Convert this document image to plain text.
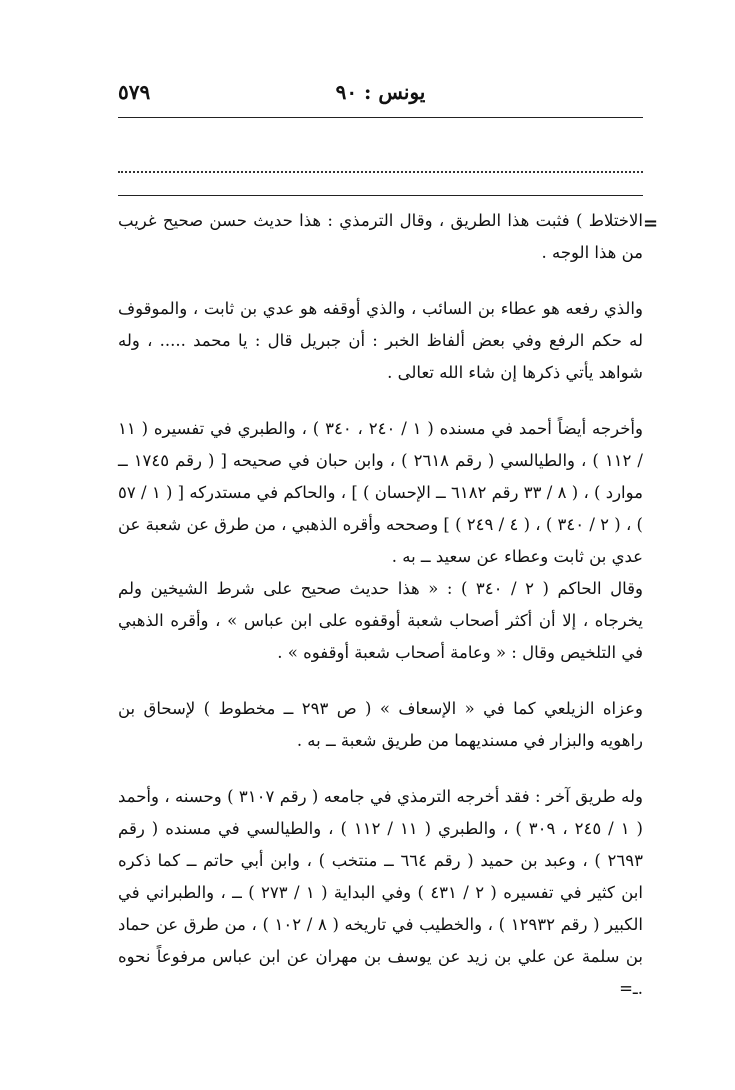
٥٧٩	يونس : ٩٠
=

الاختلاط ) فثبت هذا الطريق ، وقال الترمذي : هذا حديث حسن صحيح غريب من هذا الوجه .

والذي رفعه هو عطاء بن السائب ، والذي أوقفه هو عدي بن ثابت ، والموقوف له حكم الرفع وفي بعض ألفاظ الخبر : أن جبريل قال : يا محمد ..... ، وله شواهد يأتي ذكرها إن شاء الله تعالى .

وأخرجه أيضاً أحمد في مسنده ( ١ / ٢٤٠ ، ٣٤٠ ) ، والطبري في تفسيره ( ١١ / ١١٢ ) ، والطيالسي ( رقم ٢٦١٨ ) ، وابن حبان في صحيحه [ ( رقم ١٧٤٥ ــ موارد ) ، ( ٨ / ٣٣ رقم ٦١٨٢ ــ الإحسان ) ] ، والحاكم في مستدركه [ ( ١ / ٥٧ ) ، ( ٢ / ٣٤٠ ) ، ( ٤ / ٢٤٩ ) ] وصححه وأقره الذهبي ، من طرق عن شعبة عن عدي بن ثابت وعطاء عن سعيد ــ به .

وقال الحاكم ( ٢ / ٣٤٠ ) : « هذا حديث صحيح على شرط الشيخين ولم يخرجاه ، إلا أن أكثر أصحاب شعبة أوقفوه على ابن عباس » ، وأقره الذهبي في التلخيص وقال : « وعامة أصحاب شعبة أوقفوه » .

وعزاه الزيلعي كما في « الإسعاف » ( ص ٢٩٣ ــ مخطوط ) لإسحاق بن راهويه والبزار في مسنديهما من طريق شعبة ــ به .

وله طريق آخر : فقد أخرجه الترمذي في جامعه ( رقم ٣١٠٧ ) وحسنه ، وأحمد ( ١ / ٢٤٥ ، ٣٠٩ ) ، والطبري ( ١١ / ١١٢ ) ، والطيالسي في مسنده ( رقم ٢٦٩٣ ) ، وعبد بن حميد ( رقم ٦٦٤ ــ منتخب ) ، وابن أبي حاتم ــ كما ذكره ابن كثير في تفسيره ( ٢ / ٤٣١ ) وفي البداية ( ١ / ٢٧٣ ) ــ ، والطبراني في الكبير ( رقم ١٢٩٣٢ ) ، والخطيب في تاريخه ( ٨ / ١٠٢ ) ، من طرق عن حماد بن سلمة عن علي بن زيد عن يوسف بن مهران عن ابن عباس مرفوعاً نحوه .ـ=
